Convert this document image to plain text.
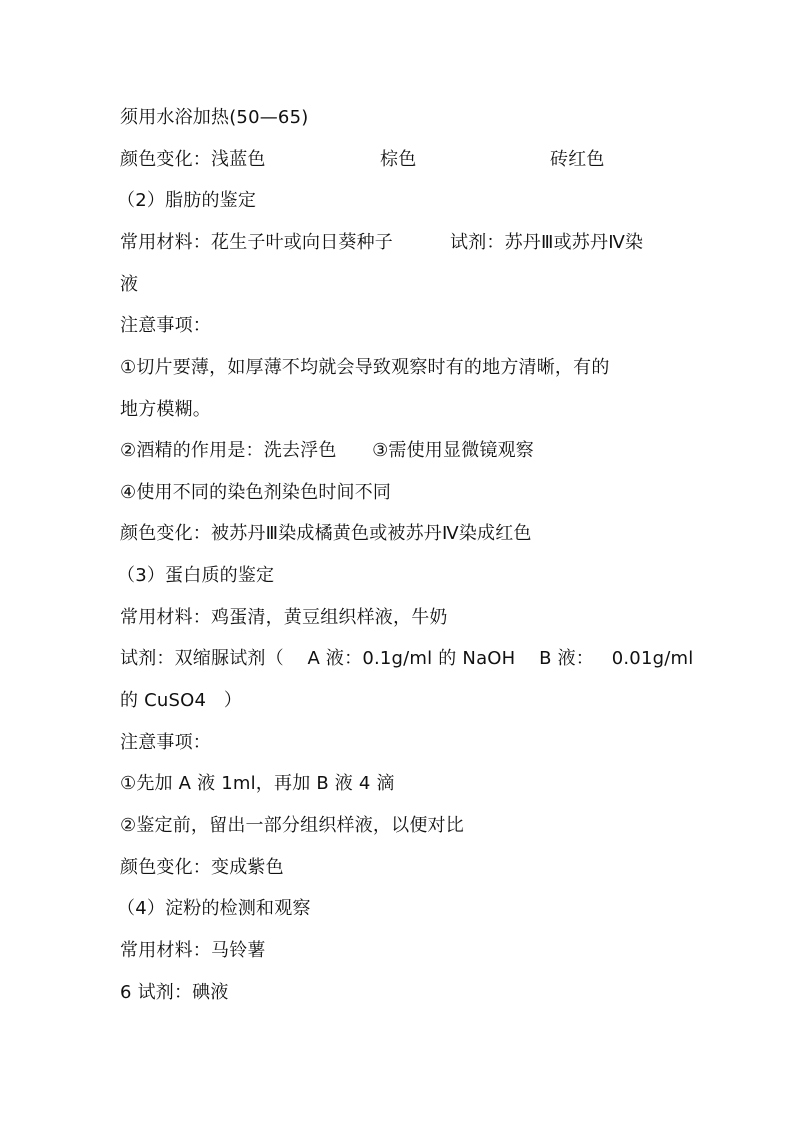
须用水浴加热(50—65)

颜色变化：浅蓝色

	棕色

	砖红色

（2）脂肪的鉴定

常用材料：花生子叶或向日葵种子

	试剂：苏丹Ⅲ或苏丹Ⅳ染

液
注意事项：
①切片要薄，如厚薄不均就会导致观察时有的地方清晰，有的
地方模糊。
②酒精的作用是：洗去浮色      ③需使用显微镜观察
④使用不同的染色剂染色时间不同
颜色变化：被苏丹Ⅲ染成橘黄色或被苏丹Ⅳ染成红色
（3）蛋白质的鉴定
常用材料：鸡蛋清，黄豆组织样液，牛奶
试剂：双缩脲试剂（    A 液：0.1g/ml 的 NaOH    B 液：   0.01g/ml
的 CuSO4   ）
注意事项：
①先加 A 液 1ml，再加 B 液 4 滴
②鉴定前，留出一部分组织样液，以便对比
颜色变化：变成紫色
（4）淀粉的检测和观察
常用材料：马铃薯
6 试剂：碘液
